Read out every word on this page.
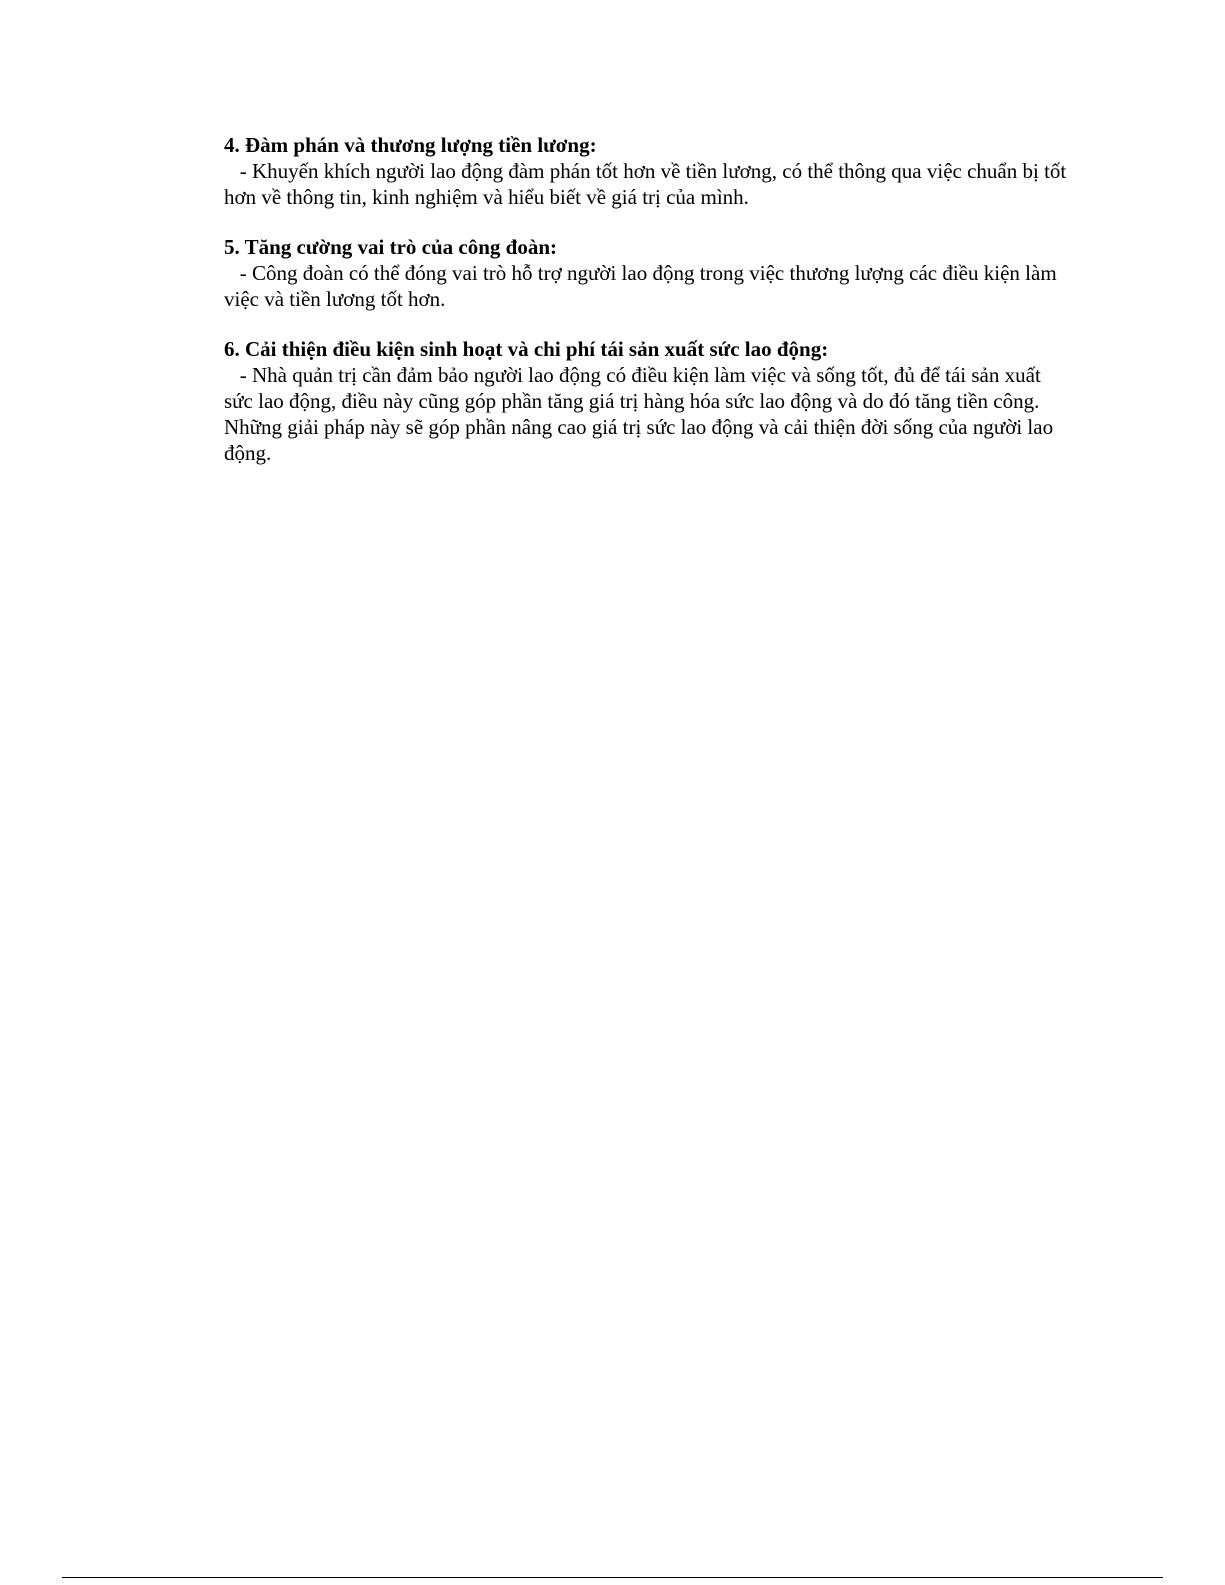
4. Đàm phán và thương lượng tiền lương:

- Khuyến khích người lao động đàm phán tốt hơn về tiền lương, có thể thông qua việc chuẩn bị tốt hơn về thông tin, kinh nghiệm và hiểu biết về giá trị của mình.

5. Tăng cường vai trò của công đoàn:

- Công đoàn có thể đóng vai trò hỗ trợ người lao động trong việc thương lượng các điều kiện làm việc và tiền lương tốt hơn.

6. Cải thiện điều kiện sinh hoạt và chi phí tái sản xuất sức lao động:

- Nhà quản trị cần đảm bảo người lao động có điều kiện làm việc và sống tốt, đủ để tái sản xuất sức lao động, điều này cũng góp phần tăng giá trị hàng hóa sức lao động và do đó tăng tiền công.

Những giải pháp này sẽ góp phần nâng cao giá trị sức lao động và cải thiện đời sống của người lao động.
